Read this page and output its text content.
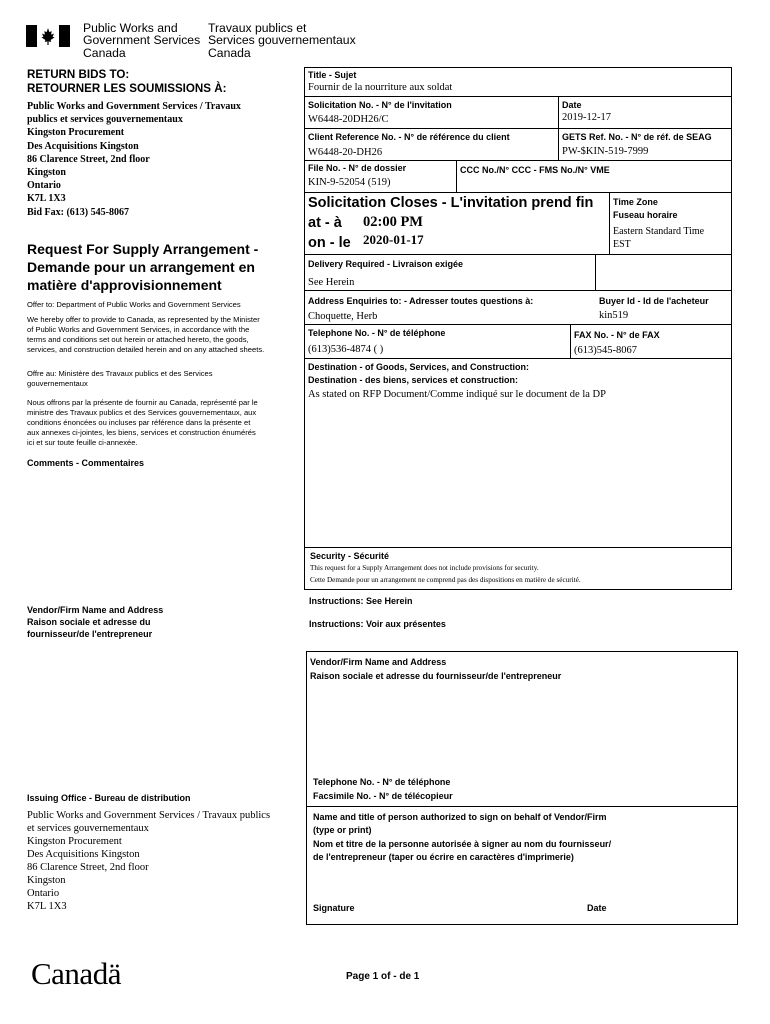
Public Works and
Government Services
Canada
Travaux publics et
Services gouvernementaux
Canada
RETURN BIDS TO:
RETOURNER LES SOUMISSIONS À:
Public Works and Government Services / Travaux
publics et services gouvernementaux
Kingston Procurement
Des Acquisitions Kingston
86 Clarence Street, 2nd floor
Kingston
Ontario
K7L 1X3
Bid Fax: (613) 545-8067
Request For Supply Arrangement -
Demande pour un arrangement en
matière d'approvisionnement
Offer to: Department of Public Works and Government Services
We hereby offer to provide to Canada, as represented by the Minister
of Public Works and Government Services, in accordance with the
terms and conditions set out herein or attached hereto, the goods,
services, and construction detailed herein and on any attached sheets.
Offre au: Ministère des Travaux publics et des Services
gouvernementaux
Nous offrons par la présente de fournir au Canada, représenté par le
ministre des Travaux publics et des Services gouvernementaux, aux
conditions énoncées ou incluses par référence dans la présente et
aux annexes ci-jointes, les biens, services et construction énumérés
ici et sur toute feuille ci-annexée.
Comments - Commentaires
Vendor/Firm Name and Address
Raison sociale et adresse du
fournisseur/de l'entrepreneur
Issuing Office - Bureau de distribution
Public Works and Government Services / Travaux publics
et services gouvernementaux
Kingston Procurement
Des Acquisitions Kingston
86 Clarence Street, 2nd floor
Kingston
Ontario
K7L 1X3
Title - Sujet
Fournir de la nourriture aux soldat
Solicitation No. - N° de l'invitation
W6448-20DH26/C
Date
2019-12-17
Client Reference No. - N° de référence du client
W6448-20-DH26
GETS Ref. No. - N° de réf. de SEAG
PW-$KIN-519-7999
File No. - N° de dossier
KIN-9-52054 (519)
CCC No./N° CCC - FMS No./N° VME
Solicitation Closes - L'invitation prend fin
at - à 02:00 PM
on - le 2020-01-17
Time Zone
Fuseau horaire
Eastern Standard Time
EST
Delivery Required - Livraison exigée
See Herein
Address Enquiries to: - Adresser toutes questions à:
Choquette, Herb
Buyer Id - Id de l'acheteur
kin519
Telephone No. - N° de téléphone
(613)536-4874 ( )
FAX No. - N° de FAX
(613)545-8067
Destination - of Goods, Services, and Construction:
Destination - des biens, services et construction:
As stated on RFP Document/Comme indiqué sur le document de la DP
Security - Sécurité
This request for a Supply Arrangement does not include provisions for security.
Cette Demande pour un arrangement ne comprend pas des dispositions en matière de sécurité.
Instructions: See Herein
Instructions: Voir aux présentes
Vendor/Firm Name and Address
Raison sociale et adresse du fournisseur/de l'entrepreneur
Telephone No. - N° de téléphone
Facsimile No. - N° de télécopieur
Name and title of person authorized to sign on behalf of Vendor/Firm
(type or print)
Nom et titre de la personne autorisée à signer au nom du fournisseur/
de l'entrepreneur (taper ou écrire en caractères d'imprimerie)
Signature	Date
Canadä	Page 1 of - de 1
